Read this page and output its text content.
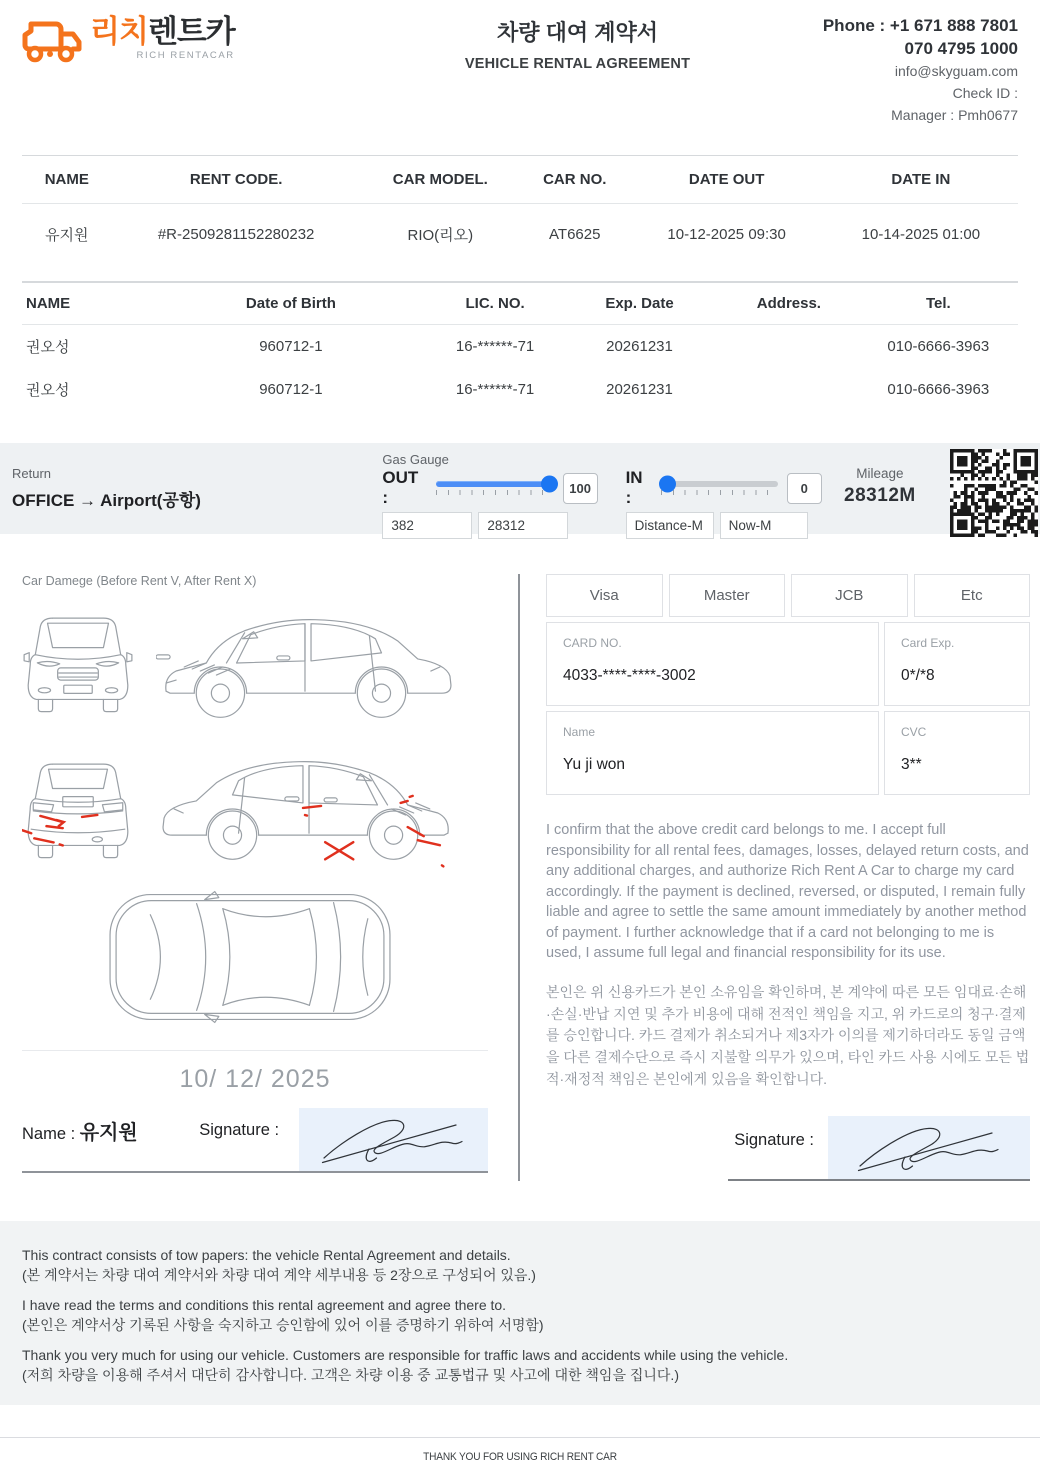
리치렌트카
RICH RENTACAR
차량 대여 계약서
VEHICLE RENTAL AGREEMENT
Phone : +1 671 888 7801
070 4795 1000
info@skyguam.com
Check ID :
Manager : Pmh0677
NAME	RENT CODE.	CAR MODEL.	CAR NO.	DATE OUT	DATE IN
유지원	#R-2509281152280232	RIO(리오)	AT6625	10-12-2025 09:30	10-14-2025 01:00
NAME	Date of Birth	LIC. NO.	Exp. Date	Address.	Tel.
권오성	960712-1	16-******-71	20261231		010-6666-3963
권오성	960712-1	16-******-71	20261231		010-6666-3963
Return
OFFICE → Airport(공항)
Gas Gauge
OUT :	100
382
28312
IN :	0
Distance-M
Now-M
Mileage
28312M
Car Damege (Before Rent V, After Rent X)
10/ 12/ 2025
Name : 유지원	Signature :
Visa	Master	JCB	Etc
CARD NO.
4033-****-****-3002
Card Exp.
0*/*8
Name
Yu ji won
CVC
3**

I confirm that the above credit card belongs to me. I accept full responsibility for all rental fees, damages, losses, delayed return costs, and any additional charges, and authorize Rich Rent A Car to charge my card accordingly. If the payment is declined, reversed, or disputed, I remain fully liable and agree to settle the same amount immediately by another method of payment. I further acknowledge that if a card not belonging to me is used, I assume full legal and financial responsibility for its use.

본인은 위 신용카드가 본인 소유임을 확인하며, 본 계약에 따른 모든 임대료·손해·손실·반납 지연 및 추가 비용에 대해 전적인 책임을 지고, 위 카드로의 청구·결제를 승인합니다. 카드 결제가 취소되거나 제3자가 이의를 제기하더라도 동일 금액을 다른 결제수단으로 즉시 지불할 의무가 있으며, 타인 카드 사용 시에도 모든 법적·재정적 책임은 본인에게 있음을 확인합니다.

Signature :

This contract consists of tow papers: the vehicle Rental Agreement and details.

(본 계약서는 차량 대여 계약서와 차량 대여 계약 세부내용 등 2장으로 구성되어 있음.)

I have read the terms and conditions this rental agreement and agree there to.

(본인은 계약서상 기록된 사항을 숙지하고 승인함에 있어 이를 증명하기 위하여 서명함)

Thank you very much for using our vehicle. Customers are responsible for traffic laws and accidents while using the vehicle.

(저희 차량을 이용해 주셔서 대단히 감사합니다. 고객은 차량 이용 중 교통법규 및 사고에 대한 책임을 집니다.)

THANK YOU FOR USING RICH RENT CAR
